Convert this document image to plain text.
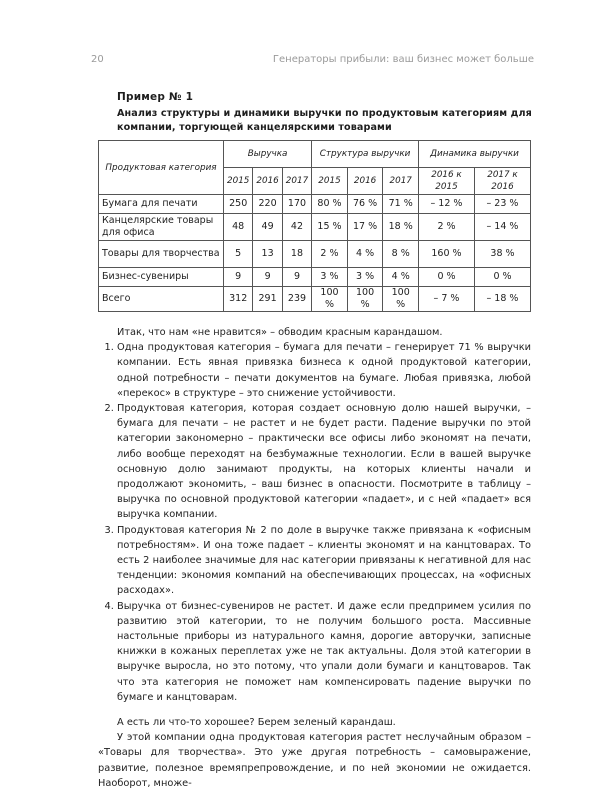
20	Генераторы прибыли: ваш бизнес может больше
Пример № 1
Анализ структуры и динамики выручки по продуктовым категориям для компании, торгующей канцелярскими товарами
Продуктовая категория	Выручка			Структура выручки			Динамика выручки	
	2015	2016	2017	2015	2016	2017	2016 к 2015	2017 к 2016
Бумага для печати	250	220	170	80 %	76 %	71 %	– 12 %	– 23 %
Канцелярские товары для офиса	48	49	42	15 %	17 %	18 %	2 %	– 14 %
Товары для творчества	5	13	18	2 %	4 %	8 %	160 %	38 %
Бизнес-сувениры	9	9	9	3 %	3 %	4 %	0 %	0 %
Всего	312	291	239	100 %	100 %	100 %	– 7 %	– 18 %

Итак, что нам «не нравится» – обводим красным карандашом.

1. Одна продуктовая категория – бумага для печати – генерирует 71 % выручки компании. Есть явная привязка бизнеса к одной продуктовой категории, одной потребности – печати документов на бумаге. Любая привязка, любой «перекос» в структуре – это снижение устойчивости.
2. Продуктовая категория, которая создает основную долю нашей выручки, – бумага для печати – не растет и не будет расти. Падение выручки по этой категории закономерно – практически все офисы либо экономят на печати, либо вообще переходят на безбумажные технологии. Если в вашей выручке основную долю занимают продукты, на которых клиенты начали и продолжают экономить, – ваш бизнес в опасности. Посмотрите в таблицу – выручка по основной продуктовой категории «падает», и с ней «падает» вся выручка компании.
3. Продуктовая категория № 2 по доле в выручке также привязана к «офисным потребностям». И она тоже падает – клиенты экономят и на канцтоварах. То есть 2 наиболее значимые для нас категории привязаны к негативной для нас тенденции: экономия компаний на обеспечивающих процессах, на «офисных расходах».
4. Выручка от бизнес-сувениров не растет. И даже если предпримем усилия по развитию этой категории, то не получим большого роста. Массивные настольные приборы из натурального камня, дорогие авторучки, записные книжки в кожаных переплетах уже не так актуальны. Доля этой категории в выручке выросла, но это потому, что упали доли бумаги и канцтоваров. Так что эта категория не поможет нам компенсировать падение выручки по бумаге и канцтоварам.

А есть ли что-то хорошее? Берем зеленый карандаш.

У этой компании одна продуктовая категория растет неслучайным образом – «Товары для творчества». Это уже другая потребность – самовыражение, развитие, полезное времяпрепровождение, и по ней экономии не ожидается. Наоборот, множе-
